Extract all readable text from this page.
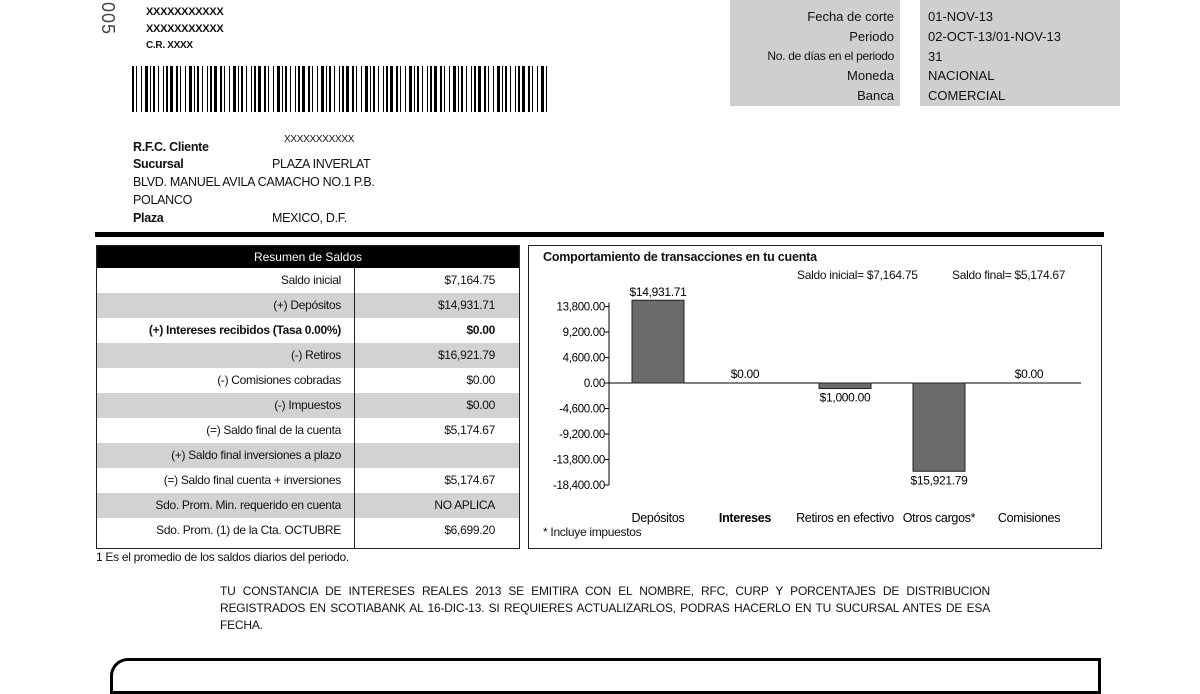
005	XXXXXXXXXXX
XXXXXXXXXXX
C.R. XXXX
Fecha de corte	01-NOV-13
Periodo	02-OCT-13/01-NOV-13
No. de días en el periodo	31
Moneda	NACIONAL
Banca	COMERCIAL
R.F.C. Cliente
XXXXXXXXXXX
Sucursal	PLAZA INVERLAT
BLVD. MANUEL AVILA CAMACHO NO.1 P.B.
POLANCO
Plaza	MEXICO, D.F.
Resumen de Saldos
Saldo inicial	$7,164.75
(+) Depósitos	$14,931.71
(+) Intereses recibidos (Tasa 0.00%)	$0.00
(-) Retiros	$16,921.79
(-) Comisiones cobradas	$0.00
(-) Impuestos	$0.00
(=) Saldo final de la cuenta	$5,174.67
(+) Saldo final inversiones a plazo
(=) Saldo final cuenta + inversiones	$5,174.67
Sdo. Prom. Min. requerido en cuenta	NO APLICA
Sdo. Prom. (1) de la Cta. OCTUBRE	$6,699.20
1 Es el promedio de los saldos diarios del periodo.
Comportamiento de transacciones en tu cuenta
Saldo inicial= $7,164.75	Saldo final= $5,174.67
13,800.00
9,200.00
4,600.00
0.00
-4,600.00
-9,200.00
-13,800.00
-18,400.00
$14,931.71
Depósitos
$0.00
Intereses
$1,000.00
Retiros en efectivo
$15,921.79
Otros cargos*
$0.00
Comisiones
* Incluye impuestos
TU CONSTANCIA DE INTERESES REALES 2013 SE EMITIRA CON EL NOMBRE, RFC, CURP Y PORCENTAJES DE DISTRIBUCION REGISTRADOS EN SCOTIABANK AL 16-DIC-13. SI REQUIERES ACTUALIZARLOS, PODRAS HACERLO EN TU SUCURSAL ANTES DE ESA FECHA.
